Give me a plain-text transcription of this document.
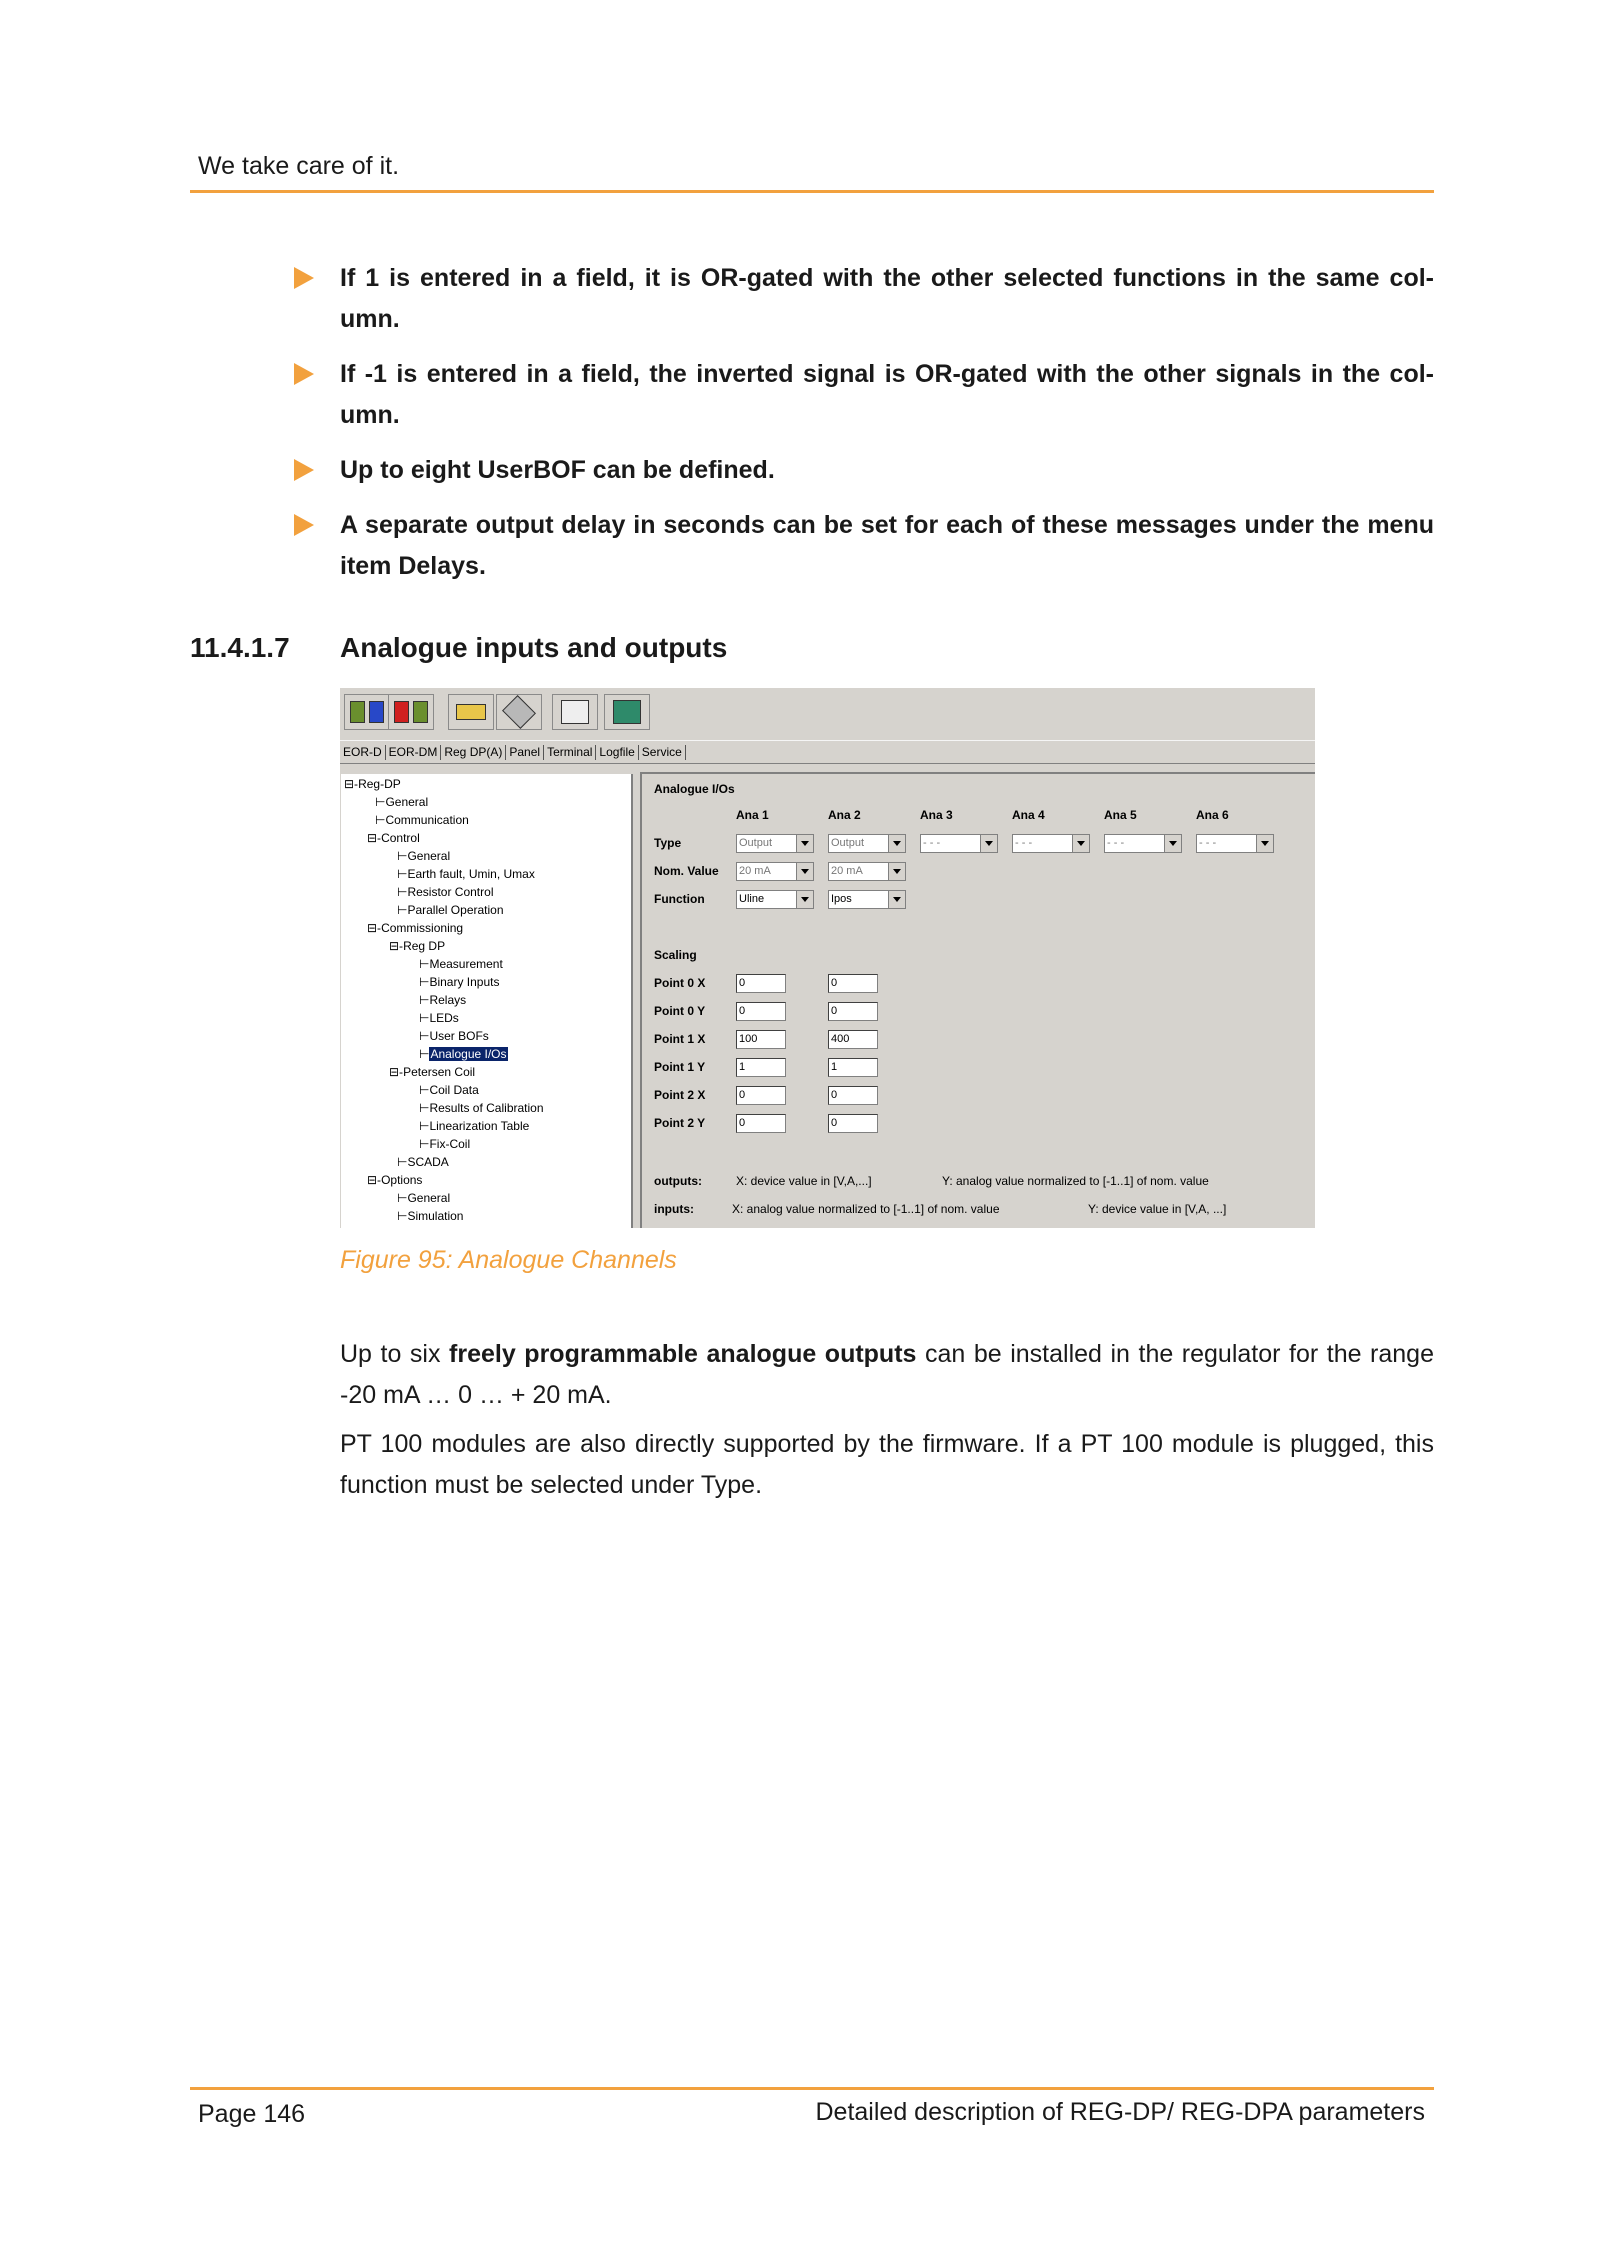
We take care of it.
If 1 is entered in a field, it is OR-gated with the other selected functions in the same col-umn.
If -1 is entered in a field, the inverted signal is OR-gated with the other signals in the col-umn.
Up to eight UserBOF can be defined.
A separate output delay in seconds can be set for each of these messages under the menu item Delays.
11.4.1.7 Analogue inputs and outputs
EOR-D EOR-DM Reg DP(A) Panel Terminal Logfile Service
⊟-Reg-DP
⊢General
⊢Communication
⊟-Control
⊢General
⊢Earth fault, Umin, Umax
⊢Resistor Control
⊢Parallel Operation
⊟-Commissioning
⊟-Reg DP
⊢Measurement
⊢Binary Inputs
⊢Relays
⊢LEDs
⊢User BOFs
⊢Analogue I/Os
⊟-Petersen Coil
⊢Coil Data
⊢Results of Calibration
⊢Linearization Table
⊢Fix-Coil
⊢SCADA
⊟-Options
⊢General
⊢Simulation
Analogue I/Os
Ana 1	Ana 2	Ana 3	Ana 4	Ana 5	Ana 6
Type	Output	Output	- - -	- - -	- - -	- - -
Nom. Value 20 mA	20 mA
Function	Uline	Ipos
Scaling
Point 0 X	0	0
Point 0 Y	0	0
Point 1 X	100	400
Point 1 Y	1	1
Point 2 X	0	0
Point 2 Y	0	0
outputs:	X: device value in [V,A,...]	Y: analog value normalized to [-1..1] of nom. value
inputs:	X: analog value normalized to [-1..1] of nom. value	Y: device value in [V,A, ...]
Figure 95: Analogue Channels

Up to six freely programmable analogue outputs can be installed in the regulator for the range -20 mA … 0 … + 20 mA.

PT 100 modules are also directly supported by the firmware. If a PT 100 module is plugged, this function must be selected under Type.

Page 146	Detailed description of REG-DP/ REG-DPA parameters
